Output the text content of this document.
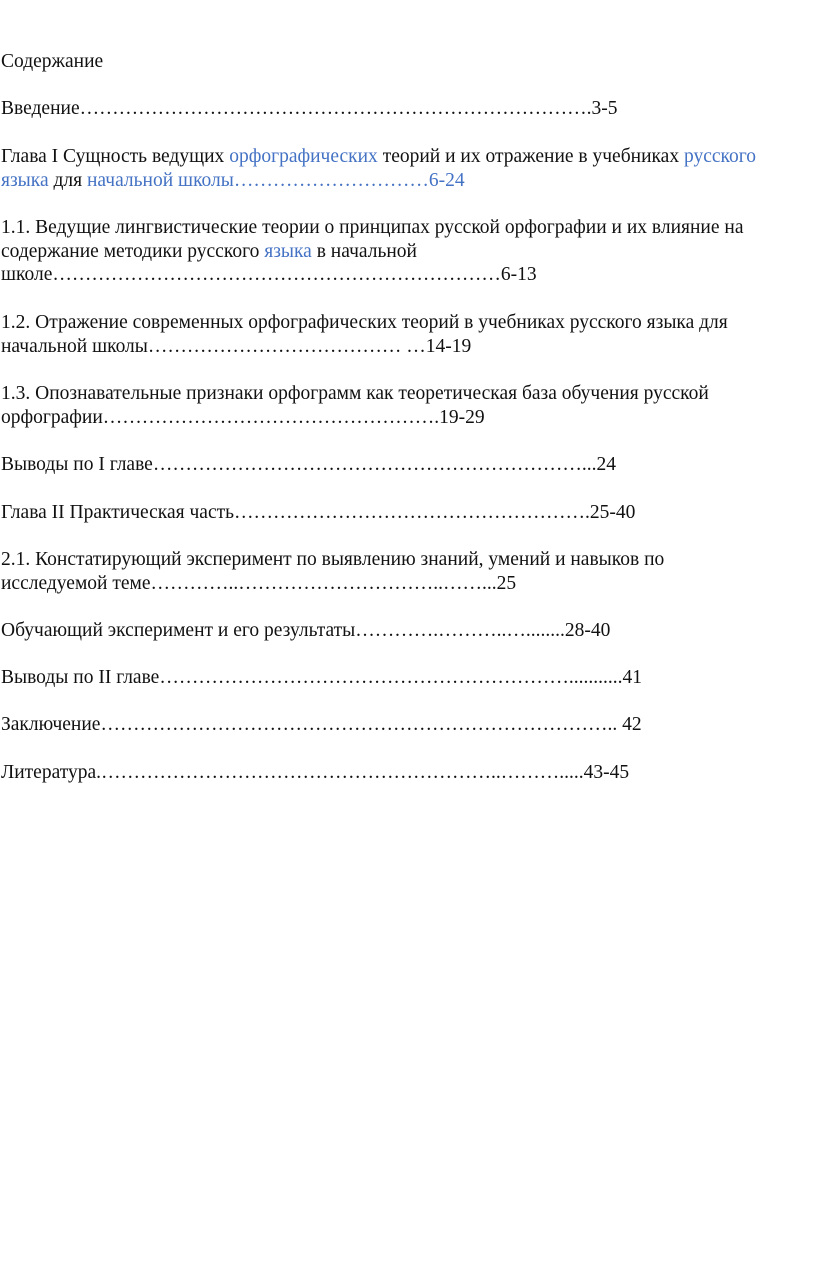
Содержание
Введение…………………………………………………………………….3-5
Глава I Сущность ведущих орфографических теорий и их отражение в учебниках русского
языка для начальной школы…………………………6-24
1.1. Ведущие лингвистические теории о принципах русской орфографии и их влияние на
содержание методики русского языка в начальной
школе……………………………………………………………6-13
1.2. Отражение современных орфографических теорий в учебниках русского языка для
начальной школы………………………………… …14-19
1.3. Опознавательные признаки орфограмм как теоретическая база обучения русской
орфографии…………………………………………….19-29
Выводы по I главе…………………………………………………………...24
Глава II Практическая часть……………………………………………….25-40
2.1. Констатирующий эксперимент по выявлению знаний, умений и навыков по
исследуемой теме…………..…………………………..……...25
Обучающий эксперимент и его результаты………….………..…........28-40
Выводы по II главе………………………………………………………...........41
Заключение…………………………………………………………………….. 42
Литература.……………………………………………………..……….....43-45
